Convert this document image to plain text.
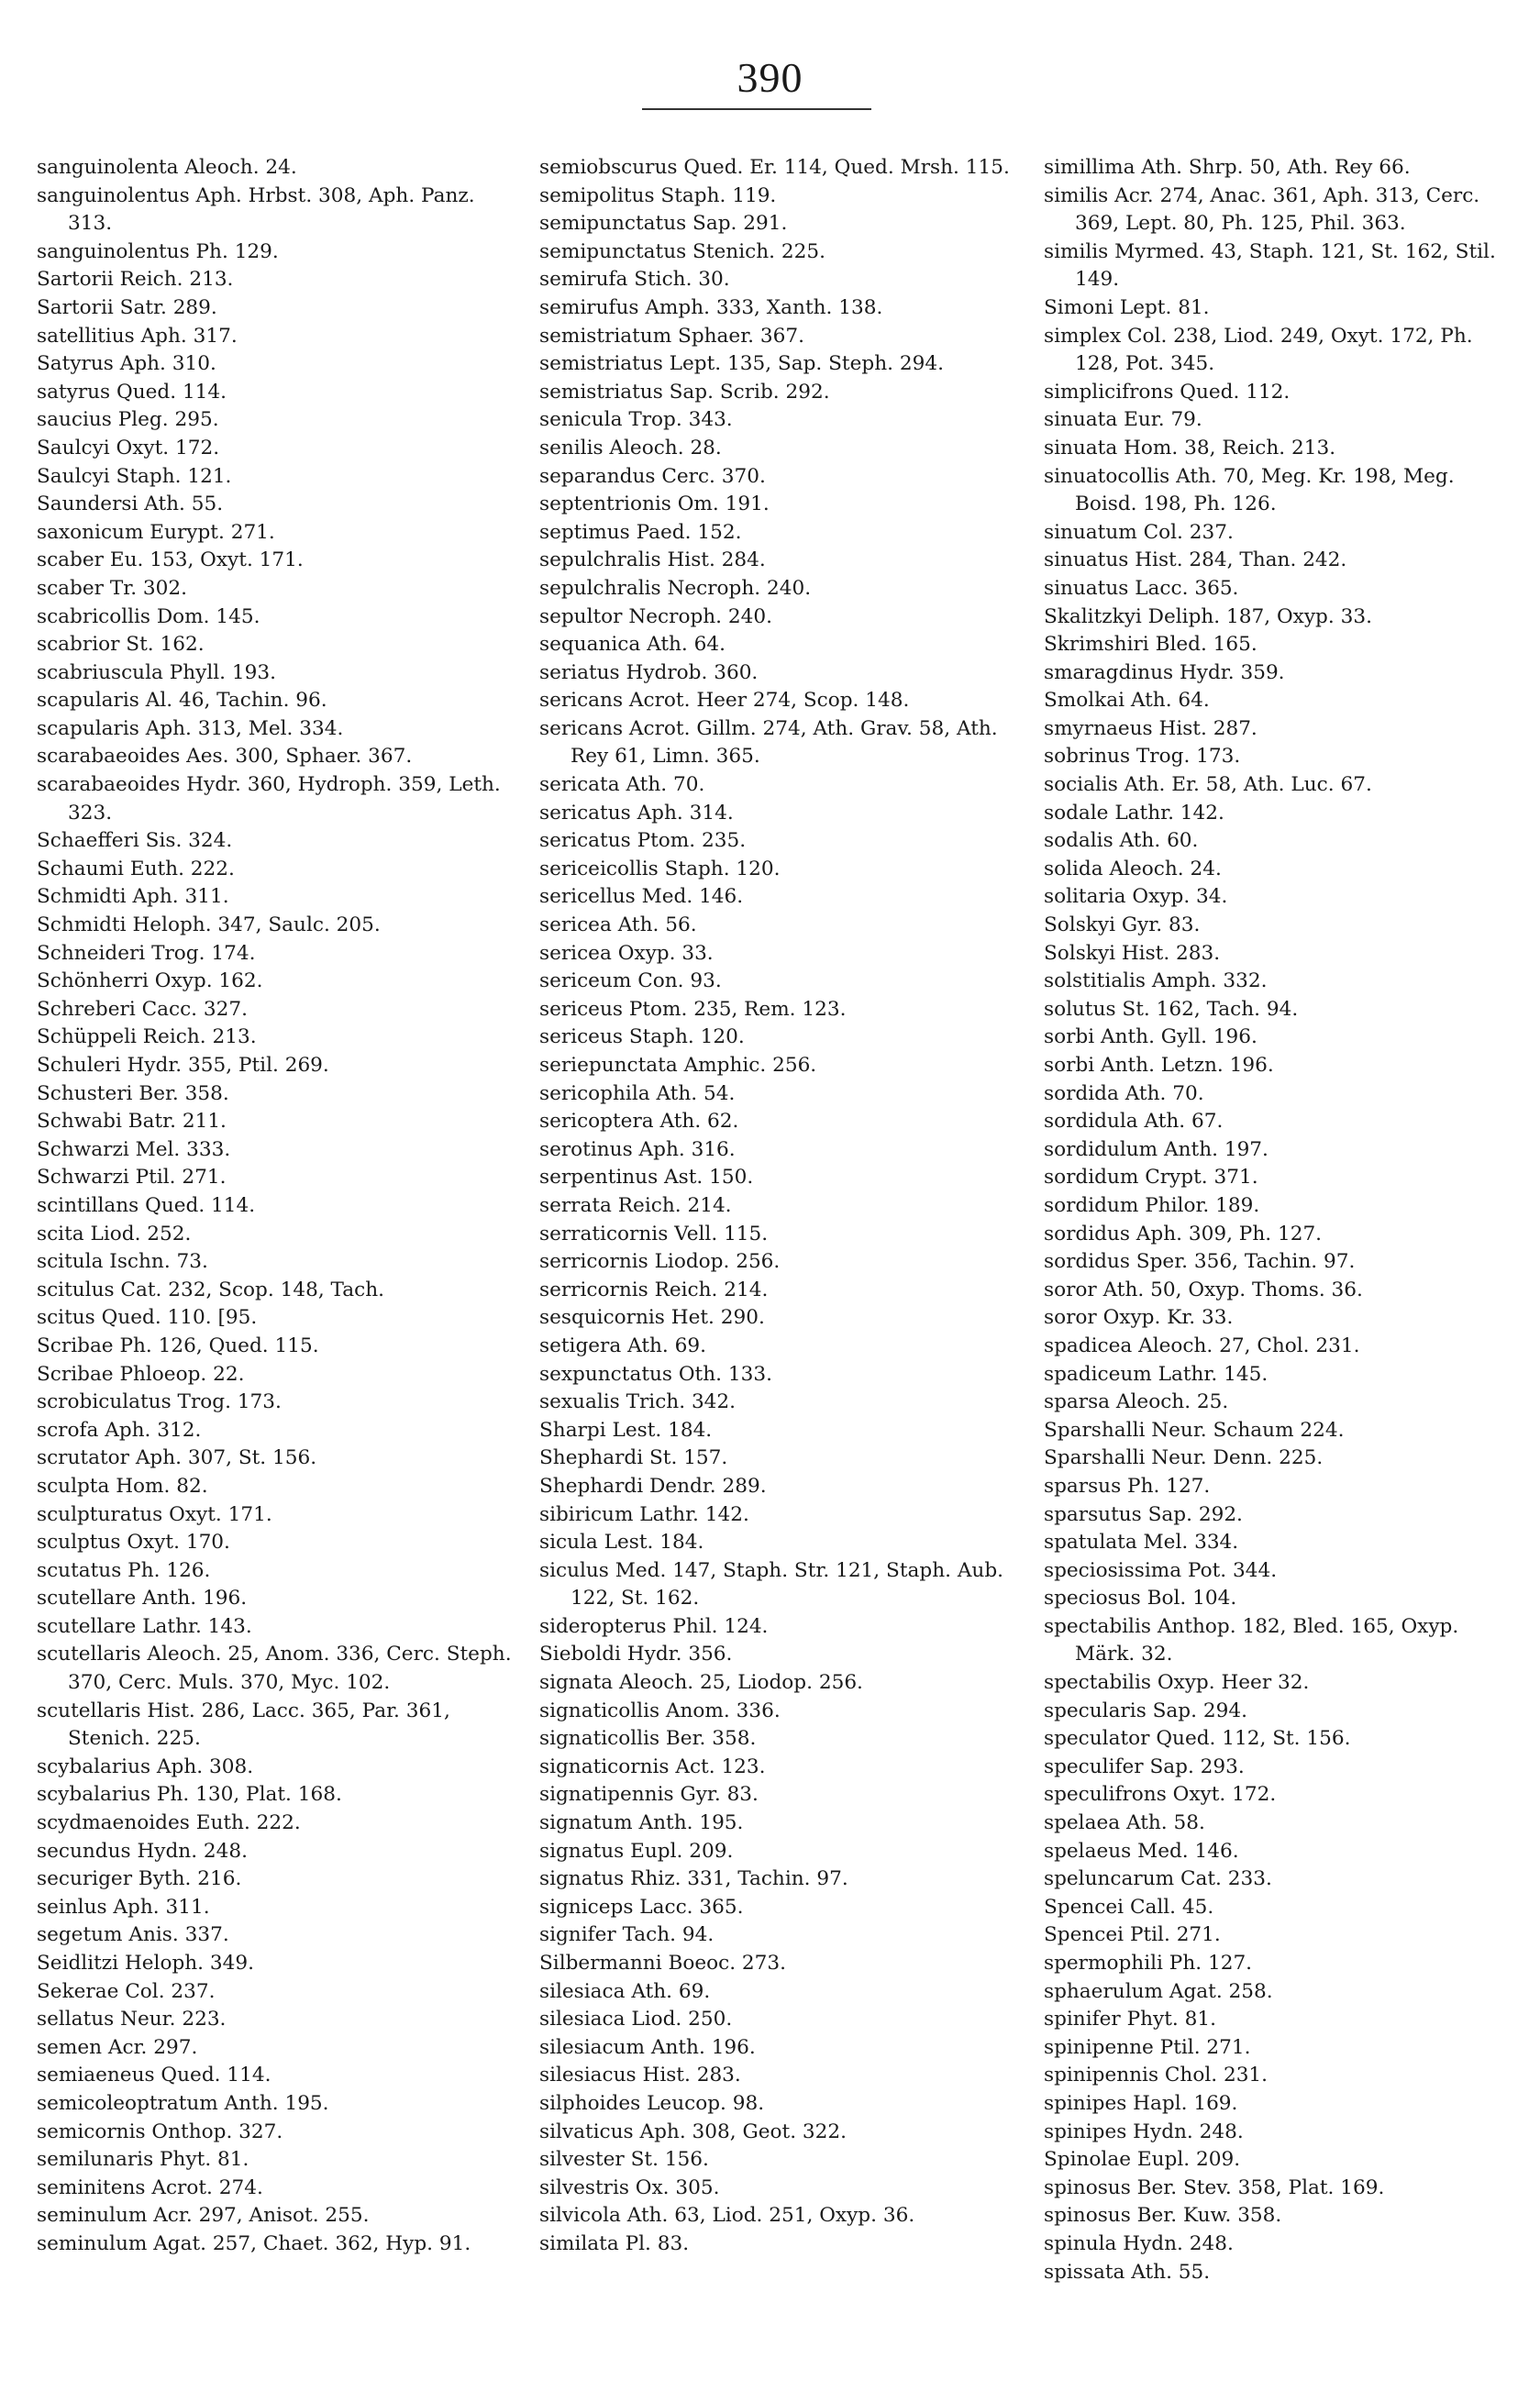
390
sanguinolenta Aleoch. 24.
sanguinolentus Aph. Hrbst. 308, Aph. Panz. 313.
sanguinolentus Ph. 129.
Sartorii Reich. 213.
Sartorii Satr. 289.
satellitius Aph. 317.
Satyrus Aph. 310.
satyrus Qued. 114.
saucius Pleg. 295.
Saulcyi Oxyt. 172.
Saulcyi Staph. 121.
Saundersi Ath. 55.
saxonicum Eurypt. 271.
scaber Eu. 153, Oxyt. 171.
scaber Tr. 302.
scabricollis Dom. 145.
scabrior St. 162.
scabriuscula Phyll. 193.
scapularis Al. 46, Tachin. 96.
scapularis Aph. 313, Mel. 334.
scarabaeoides Aes. 300, Sphaer. 367.
scarabaeoides Hydr. 360, Hydroph. 359, Leth. 323.
Schaefferi Sis. 324.
Schaumi Euth. 222.
Schmidti Aph. 311.
Schmidti Heloph. 347, Saulc. 205.
Schneideri Trog. 174.
Schönherri Oxyp. 162.
Schreberi Cacc. 327.
Schüppeli Reich. 213.
Schuleri Hydr. 355, Ptil. 269.
Schusteri Ber. 358.
Schwabi Batr. 211.
Schwarzi Mel. 333.
Schwarzi Ptil. 271.
scintillans Qued. 114.
scita Liod. 252.
scitula Ischn. 73.
scitulus Cat. 232, Scop. 148, Tach.
scitus Qued. 110. [95.
Scribae Ph. 126, Qued. 115.
Scribae Phloeop. 22.
scrobiculatus Trog. 173.
scrofa Aph. 312.
scrutator Aph. 307, St. 156.
sculpta Hom. 82.
sculpturatus Oxyt. 171.
sculptus Oxyt. 170.
scutatus Ph. 126.
scutellare Anth. 196.
scutellare Lathr. 143.
scutellaris Aleoch. 25, Anom. 336, Cerc. Steph. 370, Cerc. Muls. 370, Myc. 102.
scutellaris Hist. 286, Lacc. 365, Par. 361, Stenich. 225.
scybalarius Aph. 308.
scybalarius Ph. 130, Plat. 168.
scydmaenoides Euth. 222.
secundus Hydn. 248.
securiger Byth. 216.
seinlus Aph. 311.
segetum Anis. 337.
Seidlitzi Heloph. 349.
Sekerae Col. 237.
sellatus Neur. 223.
semen Acr. 297.
semiaeneus Qued. 114.
semicoleoptratum Anth. 195.
semicornis Onthop. 327.
semilunaris Phyt. 81.
seminitens Acrot. 274.
seminulum Acr. 297, Anisot. 255.
seminulum Agat. 257, Chaet. 362, Hyp. 91.
semiobscurus Qued. Er. 114, Qued. Mrsh. 115.
semipolitus Staph. 119.
semipunctatus Sap. 291.
semipunctatus Stenich. 225.
semirufa Stich. 30.
semirufus Amph. 333, Xanth. 138.
semistriatum Sphaer. 367.
semistriatus Lept. 135, Sap. Steph. 294.
semistriatus Sap. Scrib. 292.
senicula Trop. 343.
senilis Aleoch. 28.
separandus Cerc. 370.
septentrionis Om. 191.
septimus Paed. 152.
sepulchralis Hist. 284.
sepulchralis Necroph. 240.
sepultor Necroph. 240.
sequanica Ath. 64.
seriatus Hydrob. 360.
sericans Acrot. Heer 274, Scop. 148.
sericans Acrot. Gillm. 274, Ath. Grav. 58, Ath. Rey 61, Limn. 365.
sericata Ath. 70.
sericatus Aph. 314.
sericatus Ptom. 235.
sericeicollis Staph. 120.
sericellus Med. 146.
sericea Ath. 56.
sericea Oxyp. 33.
sericeum Con. 93.
sericeus Ptom. 235, Rem. 123.
sericeus Staph. 120.
seriepunctata Amphic. 256.
sericophila Ath. 54.
sericoptera Ath. 62.
serotinus Aph. 316.
serpentinus Ast. 150.
serrata Reich. 214.
serraticornis Vell. 115.
serricornis Liodop. 256.
serricornis Reich. 214.
sesquicornis Het. 290.
setigera Ath. 69.
sexpunctatus Oth. 133.
sexualis Trich. 342.
Sharpi Lest. 184.
Shephardi St. 157.
Shephardi Dendr. 289.
sibiricum Lathr. 142.
sicula Lest. 184.
siculus Med. 147, Staph. Str. 121, Staph. Aub. 122, St. 162.
sideropterus Phil. 124.
Sieboldi Hydr. 356.
signata Aleoch. 25, Liodop. 256.
signaticollis Anom. 336.
signaticollis Ber. 358.
signaticornis Act. 123.
signatipennis Gyr. 83.
signatum Anth. 195.
signatus Eupl. 209.
signatus Rhiz. 331, Tachin. 97.
signiceps Lacc. 365.
signifer Tach. 94.
Silbermanni Boeoc. 273.
silesiaca Ath. 69.
silesiaca Liod. 250.
silesiacum Anth. 196.
silesiacus Hist. 283.
silphoides Leucop. 98.
silvaticus Aph. 308, Geot. 322.
silvester St. 156.
silvestris Ox. 305.
silvicola Ath. 63, Liod. 251, Oxyp. 36.
similata Pl. 83.
simillima Ath. Shrp. 50, Ath. Rey 66.
similis Acr. 274, Anac. 361, Aph. 313, Cerc. 369, Lept. 80, Ph. 125, Phil. 363.
similis Myrmed. 43, Staph. 121, St. 162, Stil. 149.
Simoni Lept. 81.
simplex Col. 238, Liod. 249, Oxyt. 172, Ph. 128, Pot. 345.
simplicifrons Qued. 112.
sinuata Eur. 79.
sinuata Hom. 38, Reich. 213.
sinuatocollis Ath. 70, Meg. Kr. 198, Meg. Boisd. 198, Ph. 126.
sinuatum Col. 237.
sinuatus Hist. 284, Than. 242.
sinuatus Lacc. 365.
Skalitzkyi Deliph. 187, Oxyp. 33.
Skrimshiri Bled. 165.
smaragdinus Hydr. 359.
Smolkai Ath. 64.
smyrnaeus Hist. 287.
sobrinus Trog. 173.
socialis Ath. Er. 58, Ath. Luc. 67.
sodale Lathr. 142.
sodalis Ath. 60.
solida Aleoch. 24.
solitaria Oxyp. 34.
Solskyi Gyr. 83.
Solskyi Hist. 283.
solstitialis Amph. 332.
solutus St. 162, Tach. 94.
sorbi Anth. Gyll. 196.
sorbi Anth. Letzn. 196.
sordida Ath. 70.
sordidula Ath. 67.
sordidulum Anth. 197.
sordidum Crypt. 371.
sordidum Philor. 189.
sordidus Aph. 309, Ph. 127.
sordidus Sper. 356, Tachin. 97.
soror Ath. 50, Oxyp. Thoms. 36.
soror Oxyp. Kr. 33.
spadicea Aleoch. 27, Chol. 231.
spadiceum Lathr. 145.
sparsa Aleoch. 25.
Sparshalli Neur. Schaum 224.
Sparshalli Neur. Denn. 225.
sparsus Ph. 127.
sparsutus Sap. 292.
spatulata Mel. 334.
speciosissima Pot. 344.
speciosus Bol. 104.
spectabilis Anthop. 182, Bled. 165, Oxyp. Märk. 32.
spectabilis Oxyp. Heer 32.
specularis Sap. 294.
speculator Qued. 112, St. 156.
speculifer Sap. 293.
speculifrons Oxyt. 172.
spelaea Ath. 58.
spelaeus Med. 146.
speluncarum Cat. 233.
Spencei Call. 45.
Spencei Ptil. 271.
spermophili Ph. 127.
sphaerulum Agat. 258.
spinifer Phyt. 81.
spinipenne Ptil. 271.
spinipennis Chol. 231.
spinipes Hapl. 169.
spinipes Hydn. 248.
Spinolae Eupl. 209.
spinosus Ber. Stev. 358, Plat. 169.
spinosus Ber. Kuw. 358.
spinula Hydn. 248.
spissata Ath. 55.
